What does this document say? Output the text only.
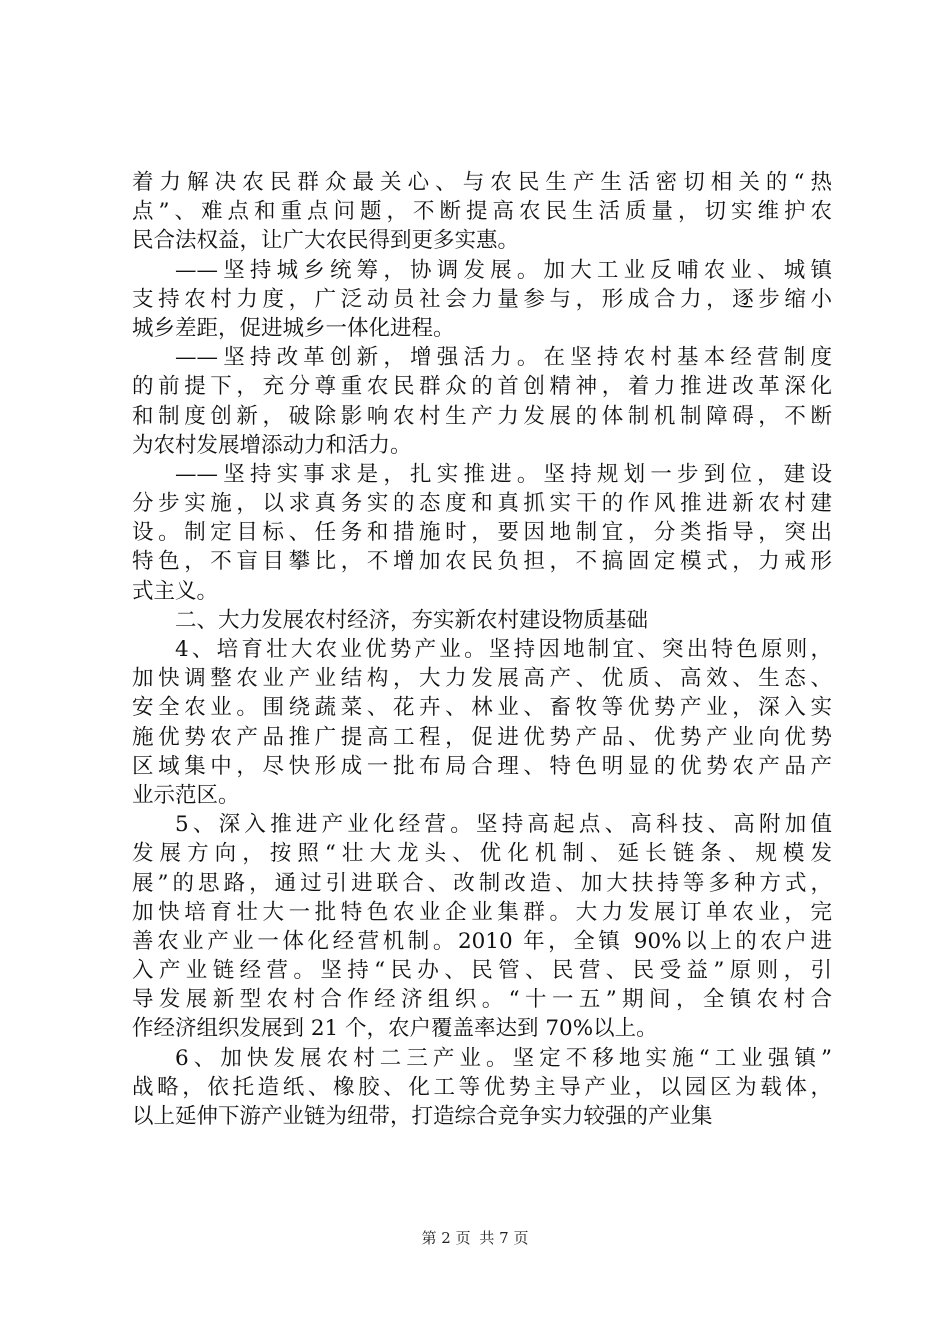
着力解决农民群众最关心、与农民生产生活密切相关的“热
点”、难点和重点问题，不断提高农民生活质量，切实维护农
民合法权益，让广大农民得到更多实惠。
——坚持城乡统筹，协调发展。加大工业反哺农业、城镇
支持农村力度，广泛动员社会力量参与，形成合力，逐步缩小
城乡差距，促进城乡一体化进程。
——坚持改革创新，增强活力。在坚持农村基本经营制度
的前提下，充分尊重农民群众的首创精神，着力推进改革深化
和制度创新，破除影响农村生产力发展的体制机制障碍，不断
为农村发展增添动力和活力。
——坚持实事求是，扎实推进。坚持规划一步到位，建设
分步实施，以求真务实的态度和真抓实干的作风推进新农村建
设。制定目标、任务和措施时，要因地制宜，分类指导，突出
特色，不盲目攀比，不增加农民负担，不搞固定模式，力戒形
式主义。
二、大力发展农村经济，夯实新农村建设物质基础
4、培育壮大农业优势产业。坚持因地制宜、突出特色原则，
加快调整农业产业结构，大力发展高产、优质、高效、生态、
安全农业。围绕蔬菜、花卉、林业、畜牧等优势产业，深入实
施优势农产品推广提高工程，促进优势产品、优势产业向优势
区域集中，尽快形成一批布局合理、特色明显的优势农产品产
业示范区。
5、深入推进产业化经营。坚持高起点、高科技、高附加值
发展方向，按照“壮大龙头、优化机制、延长链条、规模发
展”的思路，通过引进联合、改制改造、加大扶持等多种方式，
加快培育壮大一批特色农业企业集群。大力发展订单农业，完
善农业产业一体化经营机制。2010 年，全镇 90%以上的农户进
入产业链经营。坚持“民办、民管、民营、民受益”原则，引
导发展新型农村合作经济组织。“十一五”期间，全镇农村合
作经济组织发展到 21 个，农户覆盖率达到 70%以上。
6、加快发展农村二三产业。坚定不移地实施“工业强镇”
战略，依托造纸、橡胶、化工等优势主导产业，以园区为载体，
以上延伸下游产业链为纽带，打造综合竞争实力较强的产业集
第 2 页 共 7 页
